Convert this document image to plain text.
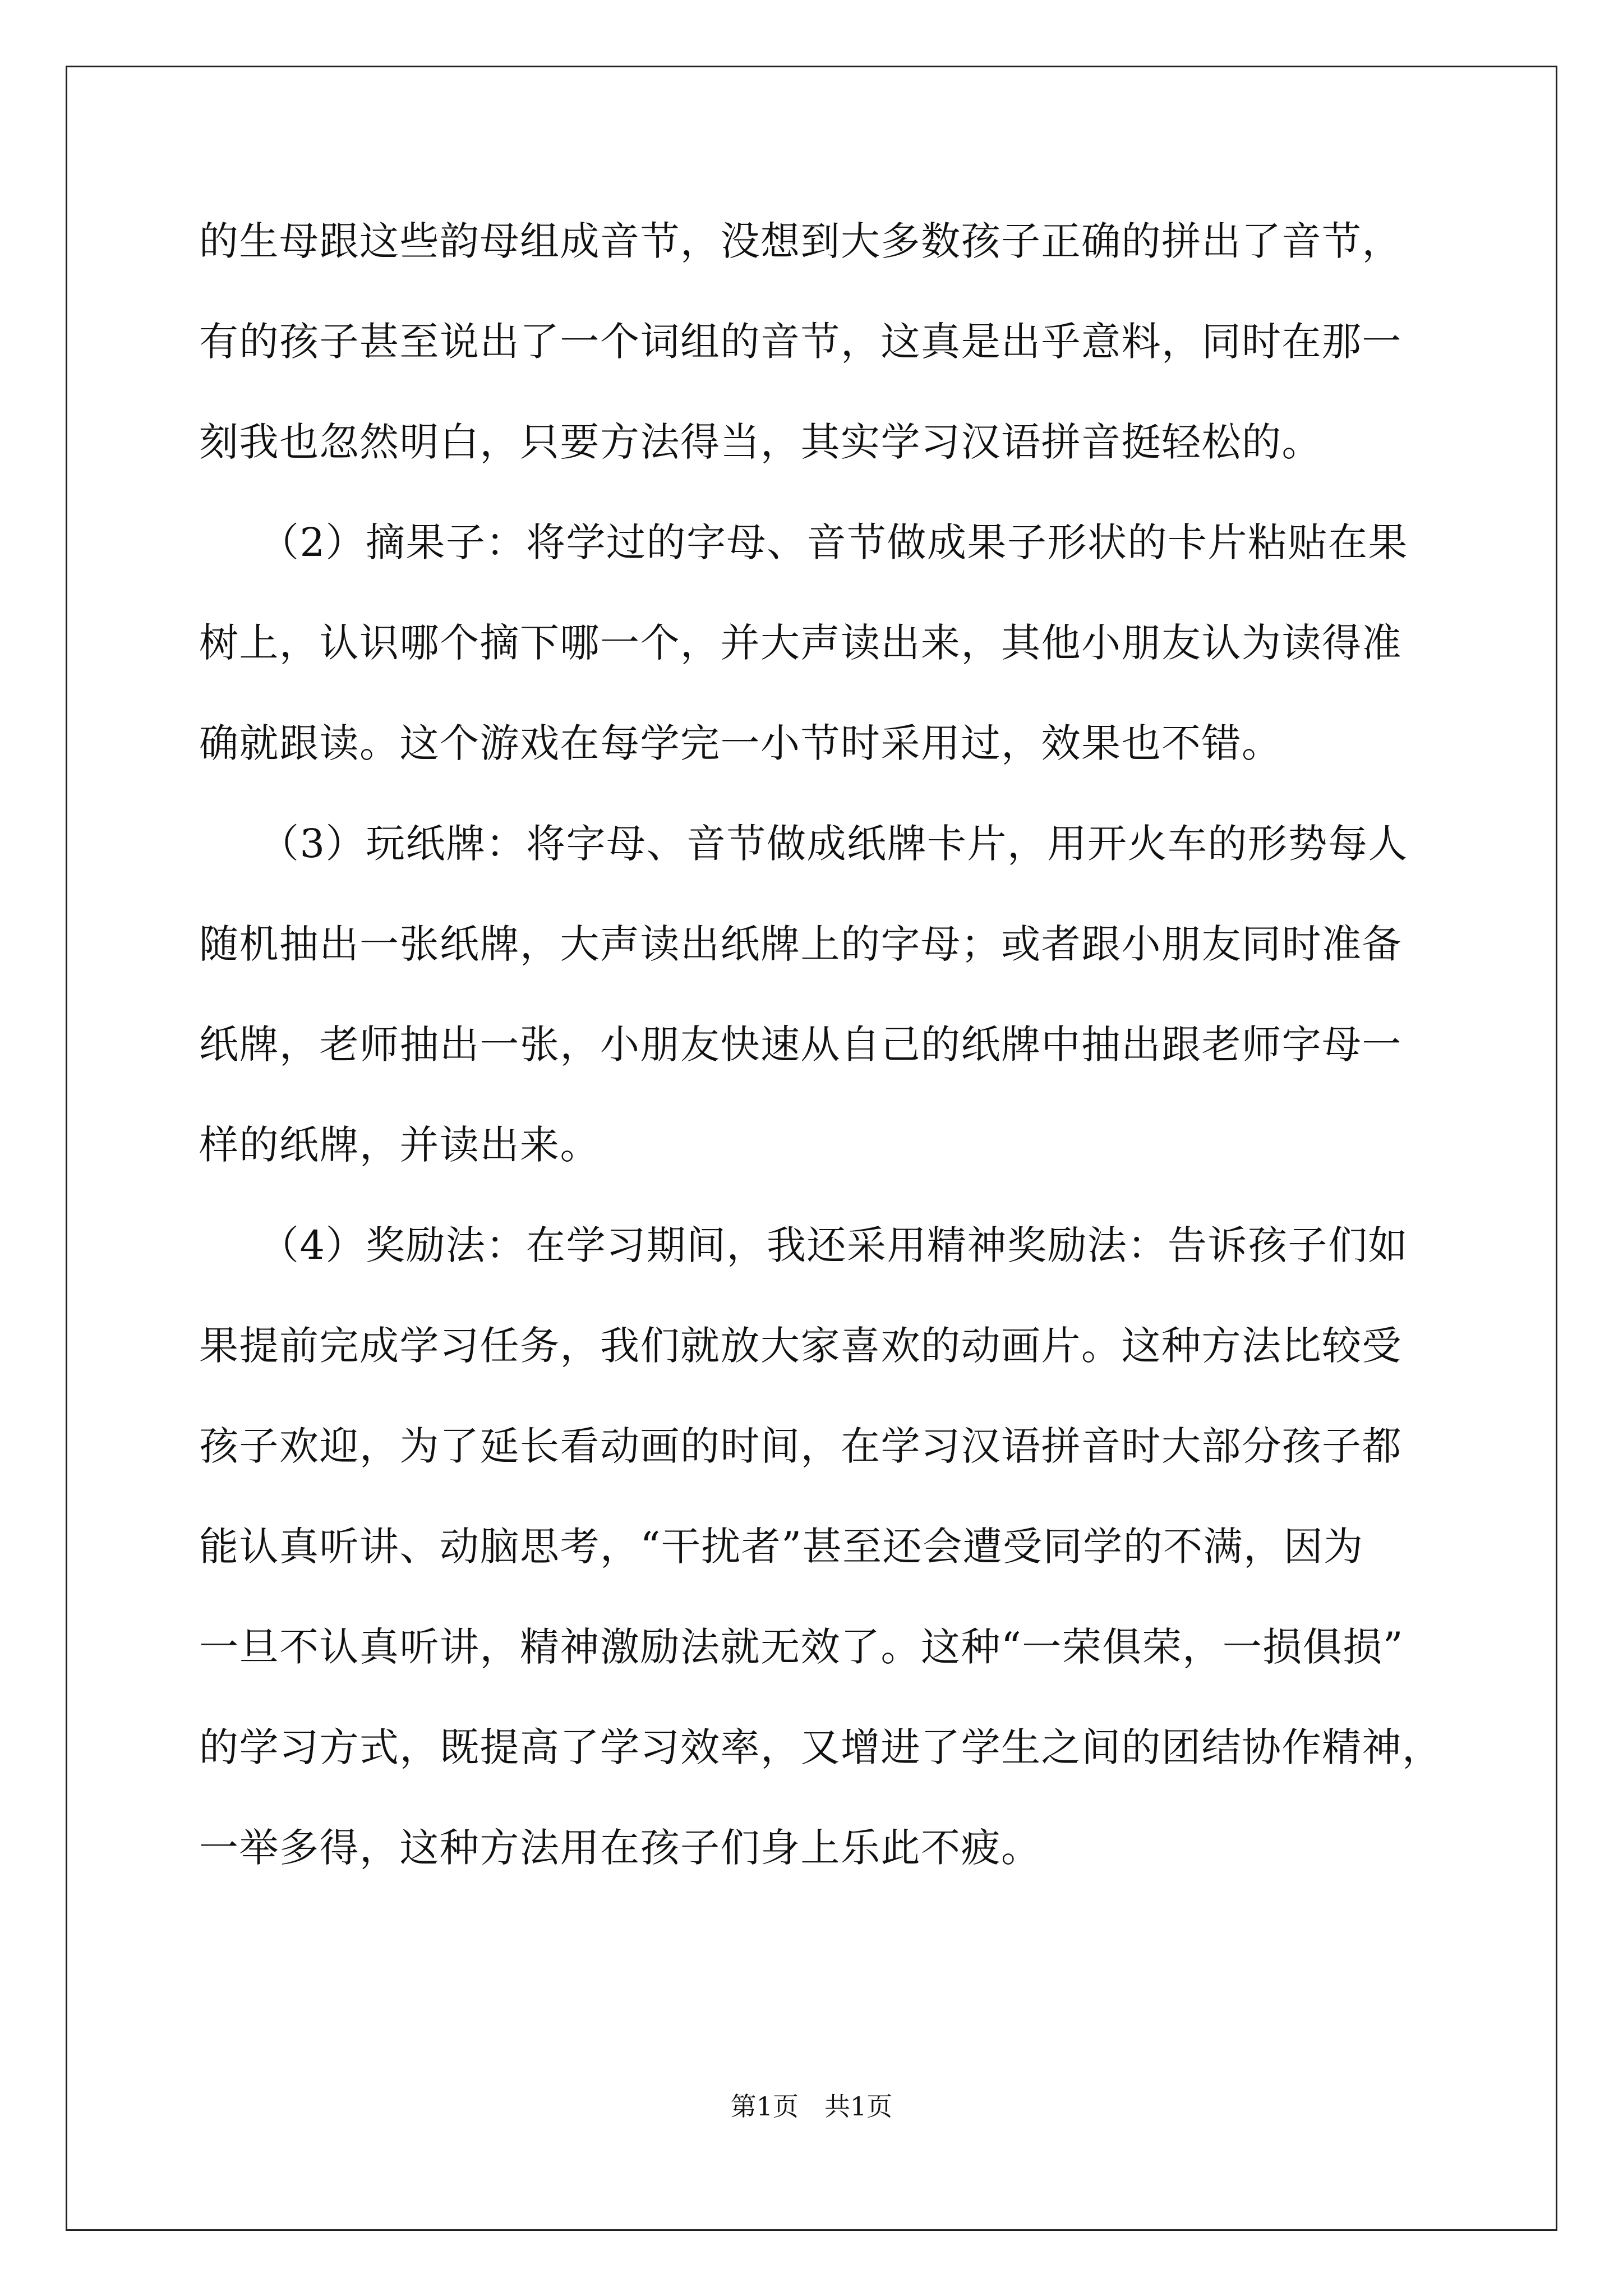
的生母跟这些韵母组成音节，没想到大多数孩子正确的拼出了音节，
有的孩子甚至说出了一个词组的音节，这真是出乎意料，同时在那一
刻我也忽然明白，只要方法得当，其实学习汉语拼音挺轻松的。
　　（2）摘果子：将学过的字母、音节做成果子形状的卡片粘贴在果
树上，认识哪个摘下哪一个，并大声读出来，其他小朋友认为读得准
确就跟读。这个游戏在每学完一小节时采用过，效果也不错。
　　（3）玩纸牌：将字母、音节做成纸牌卡片，用开火车的形势每人
随机抽出一张纸牌，大声读出纸牌上的字母；或者跟小朋友同时准备
纸牌，老师抽出一张，小朋友快速从自己的纸牌中抽出跟老师字母一
样的纸牌，并读出来。
　　（4）奖励法：在学习期间，我还采用精神奖励法：告诉孩子们如
果提前完成学习任务，我们就放大家喜欢的动画片。这种方法比较受
孩子欢迎，为了延长看动画的时间，在学习汉语拼音时大部分孩子都
能认真听讲、动脑思考，“干扰者”甚至还会遭受同学的不满，因为
一旦不认真听讲，精神激励法就无效了。这种“一荣俱荣，一损俱损”
的学习方式，既提高了学习效率，又增进了学生之间的团结协作精神，
一举多得，这种方法用在孩子们身上乐此不疲。
第1页　共1页
